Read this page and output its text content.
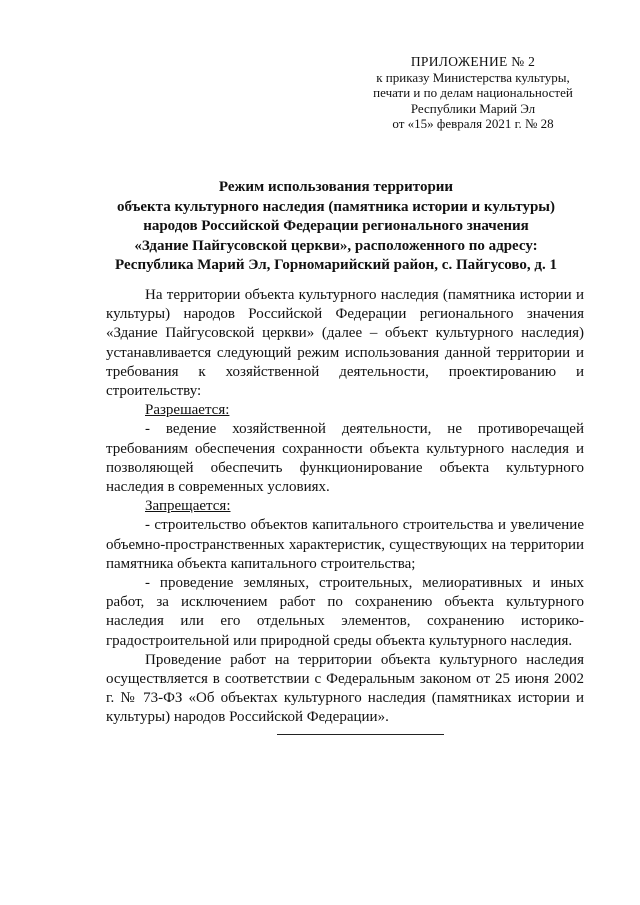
ПРИЛОЖЕНИЕ № 2
к приказу Министерства культуры,
печати и по делам национальностей
Республики Марий Эл
от «15» февраля 2021 г. № 28
Режим использования территории
объекта культурного наследия (памятника истории и культуры)
народов Российской Федерации регионального значения
«Здание Пайгусовской церкви», расположенного по адресу:
Республика Марий Эл, Горномарийский район, с. Пайгусово, д. 1

На территории объекта культурного наследия (памятника истории и культуры) народов Российской Федерации регионального значения «Здание Пайгусовской церкви» (далее – объект культурного наследия) устанавливается следующий режим использования данной территории и требования к хозяйственной деятельности, проектированию и строительству:

Разрешается:

- ведение хозяйственной деятельности, не противоречащей требованиям обеспечения сохранности объекта культурного наследия и позволяющей обеспечить функционирование объекта культурного наследия в современных условиях.

Запрещается:

- строительство объектов капитального строительства и увеличение объемно-пространственных характеристик, существующих на территории памятника объекта капитального строительства;

- проведение земляных, строительных, мелиоративных и иных работ, за исключением работ по сохранению объекта культурного наследия или его отдельных элементов, сохранению историко-градостроительной или природной среды объекта культурного наследия.

Проведение работ на территории объекта культурного наследия осуществляется в соответствии с Федеральным законом от 25 июня 2002 г. № 73-ФЗ «Об объектах культурного наследия (памятниках истории и культуры) народов Российской Федерации».
